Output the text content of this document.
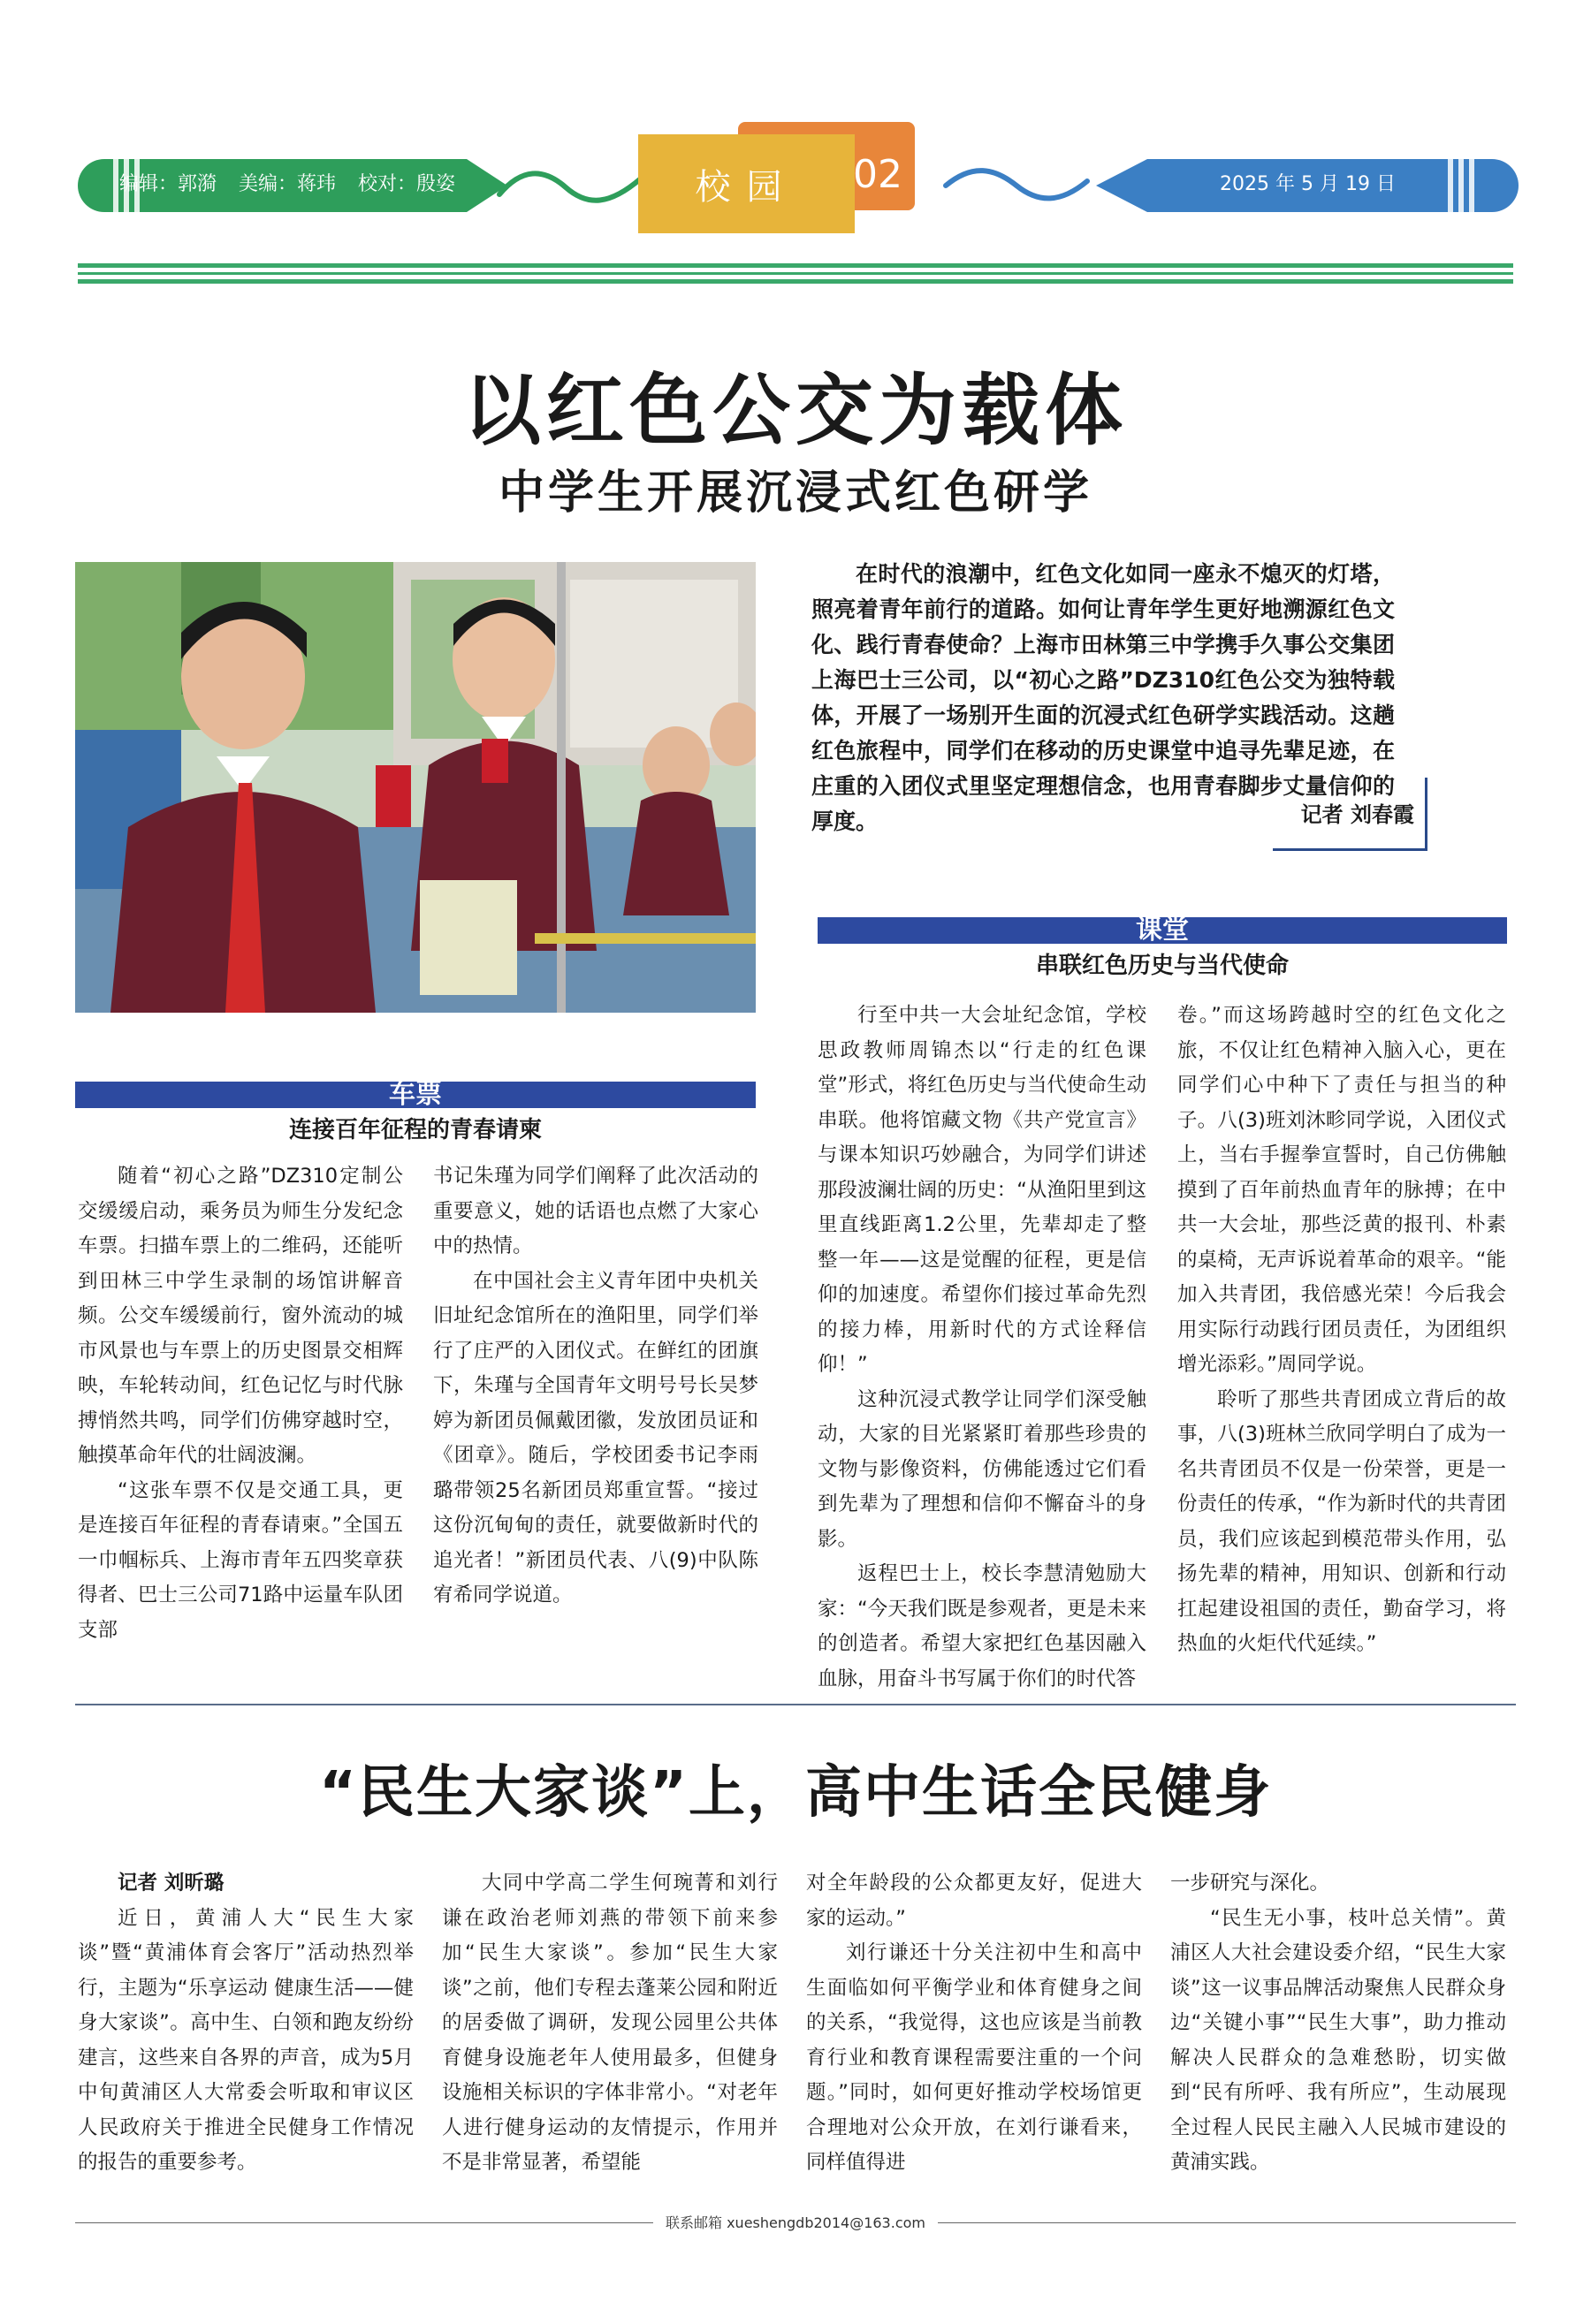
编辑：郭漪 美编：蒋玮 校对：殷姿	校园	02	2025 年 5 月 19 日
以红色公交为载体
中学生开展沉浸式红色研学
在时代的浪潮中，红色文化如同一座永不熄灭的灯塔，照亮着青年前行的道路。如何让青年学生更好地溯源红色文化、践行青春使命？上海市田林第三中学携手久事公交集团上海巴士三公司，以“初心之路”DZ310红色公交为独特载体，开展了一场别开生面的沉浸式红色研学实践活动。这趟红色旅程中，同学们在移动的历史课堂中追寻先辈足迹，在庄重的入团仪式里坚定理想信念，也用青春脚步丈量信仰的厚度。	记者 刘春霞
车票
连接百年征程的青春请柬

随着“初心之路”DZ310定制公交缓缓启动，乘务员为师生分发纪念车票。扫描车票上的二维码，还能听到田林三中学生录制的场馆讲解音频。公交车缓缓前行，窗外流动的城市风景也与车票上的历史图景交相辉映，车轮转动间，红色记忆与时代脉搏悄然共鸣，同学们仿佛穿越时空，触摸革命年代的壮阔波澜。

“这张车票不仅是交通工具，更是连接百年征程的青春请柬。”全国五一巾帼标兵、上海市青年五四奖章获得者、巴士三公司71路中运量车队团支部

书记朱瑾为同学们阐释了此次活动的重要意义，她的话语也点燃了大家心中的热情。

在中国社会主义青年团中央机关旧址纪念馆所在的渔阳里，同学们举行了庄严的入团仪式。在鲜红的团旗下，朱瑾与全国青年文明号号长吴梦婷为新团员佩戴团徽，发放团员证和《团章》。随后，学校团委书记李雨璐带领25名新团员郑重宣誓。“接过这份沉甸甸的责任，就要做新时代的追光者！”新团员代表、八(9)中队陈宥希同学说道。

课堂
串联红色历史与当代使命

行至中共一大会址纪念馆，学校思政教师周锦杰以“行走的红色课堂”形式，将红色历史与当代使命生动串联。他将馆藏文物《共产党宣言》与课本知识巧妙融合，为同学们讲述那段波澜壮阔的历史：“从渔阳里到这里直线距离1.2公里，先辈却走了整整一年——这是觉醒的征程，更是信仰的加速度。希望你们接过革命先烈的接力棒，用新时代的方式诠释信仰！”

这种沉浸式教学让同学们深受触动，大家的目光紧紧盯着那些珍贵的文物与影像资料，仿佛能透过它们看到先辈为了理想和信仰不懈奋斗的身影。

返程巴士上，校长李慧清勉励大家：“今天我们既是参观者，更是未来的创造者。希望大家把红色基因融入血脉，用奋斗书写属于你们的时代答

卷。”而这场跨越时空的红色文化之旅，不仅让红色精神入脑入心，更在同学们心中种下了责任与担当的种子。八(3)班刘沐畛同学说，入团仪式上，当右手握拳宣誓时，自己仿佛触摸到了百年前热血青年的脉搏；在中共一大会址，那些泛黄的报刊、朴素的桌椅，无声诉说着革命的艰辛。“能加入共青团，我倍感光荣！今后我会用实际行动践行团员责任，为团组织增光添彩。”周同学说。

聆听了那些共青团成立背后的故事，八(3)班林兰欣同学明白了成为一名共青团员不仅是一份荣誉，更是一份责任的传承，“作为新时代的共青团员，我们应该起到模范带头作用，弘扬先辈的精神，用知识、创新和行动扛起建设祖国的责任，勤奋学习，将热血的火炬代代延续。”

“民生大家谈”上，高中生话全民健身

记者 刘昕璐

近日，黄浦人大“民生大家谈”暨“黄浦体育会客厅”活动热烈举行，主题为“乐享运动 健康生活——健身大家谈”。高中生、白领和跑友纷纷建言，这些来自各界的声音，成为5月中旬黄浦区人大常委会听取和审议区人民政府关于推进全民健身工作情况的报告的重要参考。

大同中学高二学生何琬菁和刘行谦在政治老师刘燕的带领下前来参加“民生大家谈”。参加“民生大家谈”之前，他们专程去蓬莱公园和附近的居委做了调研，发现公园里公共体育健身设施老年人使用最多，但健身设施相关标识的字体非常小。“对老年人进行健身运动的友情提示，作用并不是非常显著，希望能

对全年龄段的公众都更友好，促进大家的运动。”

刘行谦还十分关注初中生和高中生面临如何平衡学业和体育健身之间的关系，“我觉得，这也应该是当前教育行业和教育课程需要注重的一个问题。”同时，如何更好推动学校场馆更合理地对公众开放，在刘行谦看来，同样值得进

一步研究与深化。

“民生无小事，枝叶总关情”。黄浦区人大社会建设委介绍，“民生大家谈”这一议事品牌活动聚焦人民群众身边“关键小事”“民生大事”，助力推动解决人民群众的急难愁盼，切实做到“民有所呼、我有所应”，生动展现全过程人民民主融入人民城市建设的黄浦实践。

联系邮箱 xueshengdb2014@163.com
